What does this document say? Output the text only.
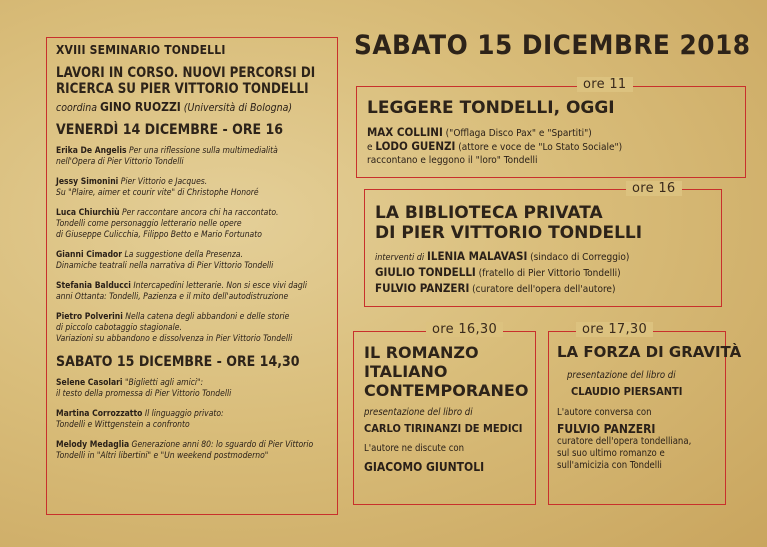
SABATO 15 DICEMBRE 2018
XVIII SEMINARIO TONDELLI
LAVORI IN CORSO. NUOVI PERCORSI DI
RICERCA SU PIER VITTORIO TONDELLI
coordina GINO RUOZZI (Università di Bologna)
VENERDÌ 14 DICEMBRE - ORE 16
Erika De Angelis Per una riflessione sulla multimedialità
nell'Opera di Pier Vittorio Tondelli
Jessy Simonini Pier Vittorio e Jacques.
Su "Plaire, aimer et courir vite" di Christophe Honoré
Luca Chiurchiù Per raccontare ancora chi ha raccontato.
Tondelli come personaggio letterario nelle opere
di Giuseppe Culicchia, Filippo Betto e Mario Fortunato
Gianni Cimador La suggestione della Presenza.
Dinamiche teatrali nella narrativa di Pier Vittorio Tondelli
Stefania Balducci Intercapedini letterarie. Non si esce vivi dagli
anni Ottanta: Tondelli, Pazienza e il mito dell'autodistruzione
Pietro Polverini Nella catena degli abbandoni e delle storie
di piccolo cabotaggio stagionale.
Variazioni su abbandono e dissolvenza in Pier Vittorio Tondelli
SABATO 15 DICEMBRE - ORE 14,30
Selene Casolari "Biglietti agli amici":
il testo della promessa di Pier Vittorio Tondelli
Martina Corrozzatto Il linguaggio privato:
Tondelli e Wittgenstein a confronto
Melody Medaglia Generazione anni 80: lo sguardo di Pier Vittorio
Tondelli in "Altri libertini" e "Un weekend postmoderno"
ore 11
LEGGERE TONDELLI, OGGI
MAX COLLINI ("Offlaga Disco Pax" e "Spartiti")
e LODO GUENZI (attore e voce de "Lo Stato Sociale")
raccontano e leggono il "loro" Tondelli
ore 16
LA BIBLIOTECA PRIVATA
DI PIER VITTORIO TONDELLI
interventi di ILENIA MALAVASI (sindaco di Correggio)
GIULIO TONDELLI (fratello di Pier Vittorio Tondelli)
FULVIO PANZERI (curatore dell'opera dell'autore)
ore 16,30
IL ROMANZO
ITALIANO
CONTEMPORANEO
presentazione del libro di
CARLO TIRINANZI DE MEDICI
L'autore ne discute con
GIACOMO GIUNTOLI
ore 17,30
LA FORZA DI GRAVITÀ
presentazione del libro di
CLAUDIO PIERSANTI
L'autore conversa con
FULVIO PANZERI
curatore dell'opera tondelliana,
sul suo ultimo romanzo e
sull'amicizia con Tondelli
